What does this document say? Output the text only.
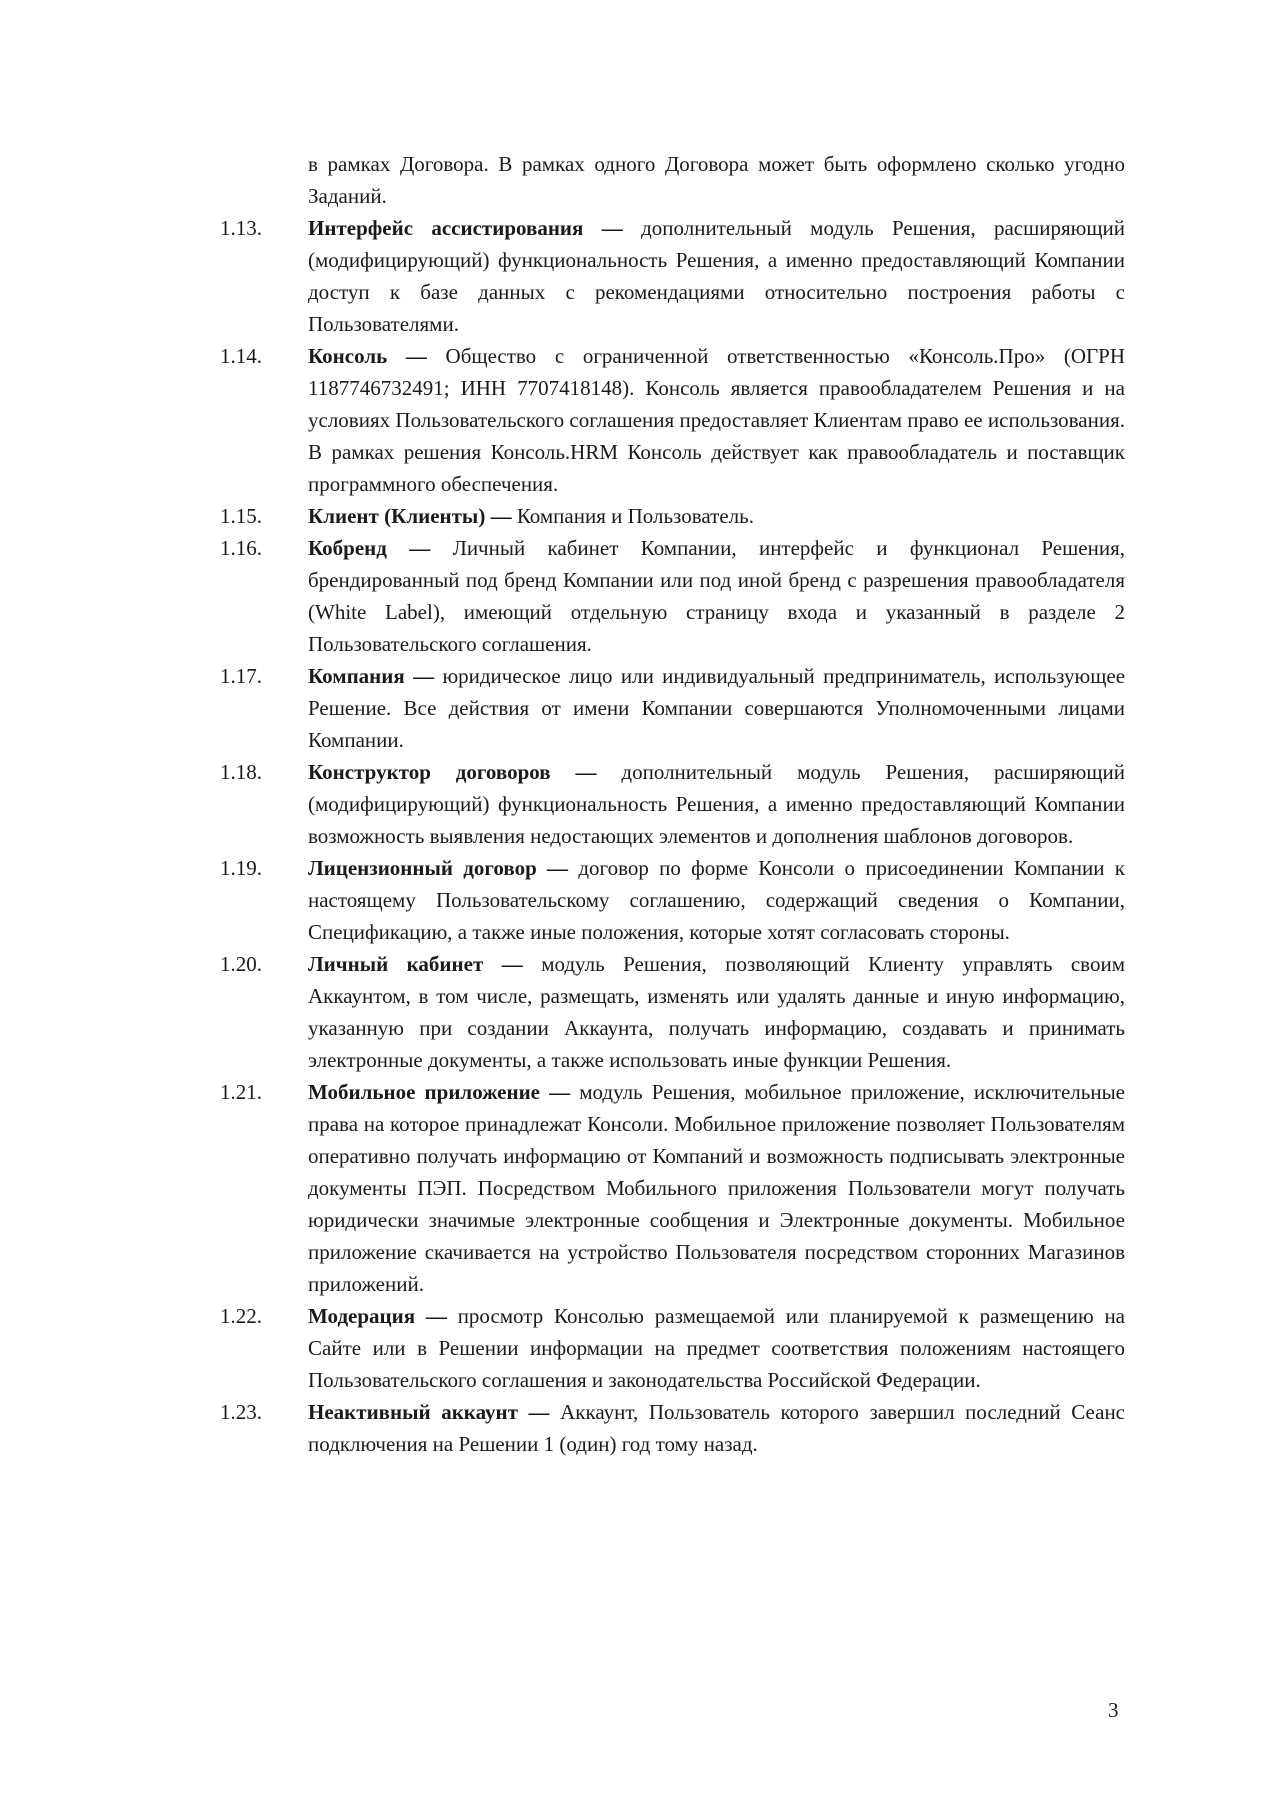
в рамках Договора. В рамках одного Договора может быть оформлено сколько угодно Заданий.
1.13.	Интерфейс ассистирования — дополнительный модуль Решения, расширяющий (модифицирующий) функциональность Решения, а именно предоставляющий Компании доступ к базе данных с рекомендациями относительно построения работы с Пользователями.
1.14.	Консоль — Общество с ограниченной ответственностью «Консоль.Про» (ОГРН 1187746732491; ИНН 7707418148). Консоль является правообладателем Решения и на условиях Пользовательского соглашения предоставляет Клиентам право ее использования. В рамках решения Консоль.HRM Консоль действует как правообладатель и поставщик программного обеспечения.
1.15.	Клиент (Клиенты) — Компания и Пользователь.
1.16.	Кобренд — Личный кабинет Компании, интерфейс и функционал Решения, брендированный под бренд Компании или под иной бренд с разрешения правообладателя (White Label), имеющий отдельную страницу входа и указанный в разделе 2 Пользовательского соглашения.
1.17.	Компания — юридическое лицо или индивидуальный предприниматель, использующее Решение. Все действия от имени Компании совершаются Уполномоченными лицами Компании.
1.18.	Конструктор договоров — дополнительный модуль Решения, расширяющий (модифицирующий) функциональность Решения, а именно предоставляющий Компании возможность выявления недостающих элементов и дополнения шаблонов договоров.
1.19.	Лицензионный договор — договор по форме Консоли о присоединении Компании к настоящему Пользовательскому соглашению, содержащий сведения о Компании, Спецификацию, а также иные положения, которые хотят согласовать стороны.
1.20.	Личный кабинет — модуль Решения, позволяющий Клиенту управлять своим Аккаунтом, в том числе, размещать, изменять или удалять данные и иную информацию, указанную при создании Аккаунта, получать информацию, создавать и принимать электронные документы, а также использовать иные функции Решения.
1.21.	Мобильное приложение — модуль Решения, мобильное приложение, исключительные права на которое принадлежат Консоли. Мобильное приложение позволяет Пользователям оперативно получать информацию от Компаний и возможность подписывать электронные документы ПЭП. Посредством Мобильного приложения Пользователи могут получать юридически значимые электронные сообщения и Электронные документы. Мобильное приложение скачивается на устройство Пользователя посредством сторонних Магазинов приложений.
1.22.	Модерация — просмотр Консолью размещаемой или планируемой к размещению на Сайте или в Решении информации на предмет соответствия положениям настоящего Пользовательского соглашения и законодательства Российской Федерации.
1.23.	Неактивный аккаунт — Аккаунт, Пользователь которого завершил последний Сеанс подключения на Решении 1 (один) год тому назад.
3
